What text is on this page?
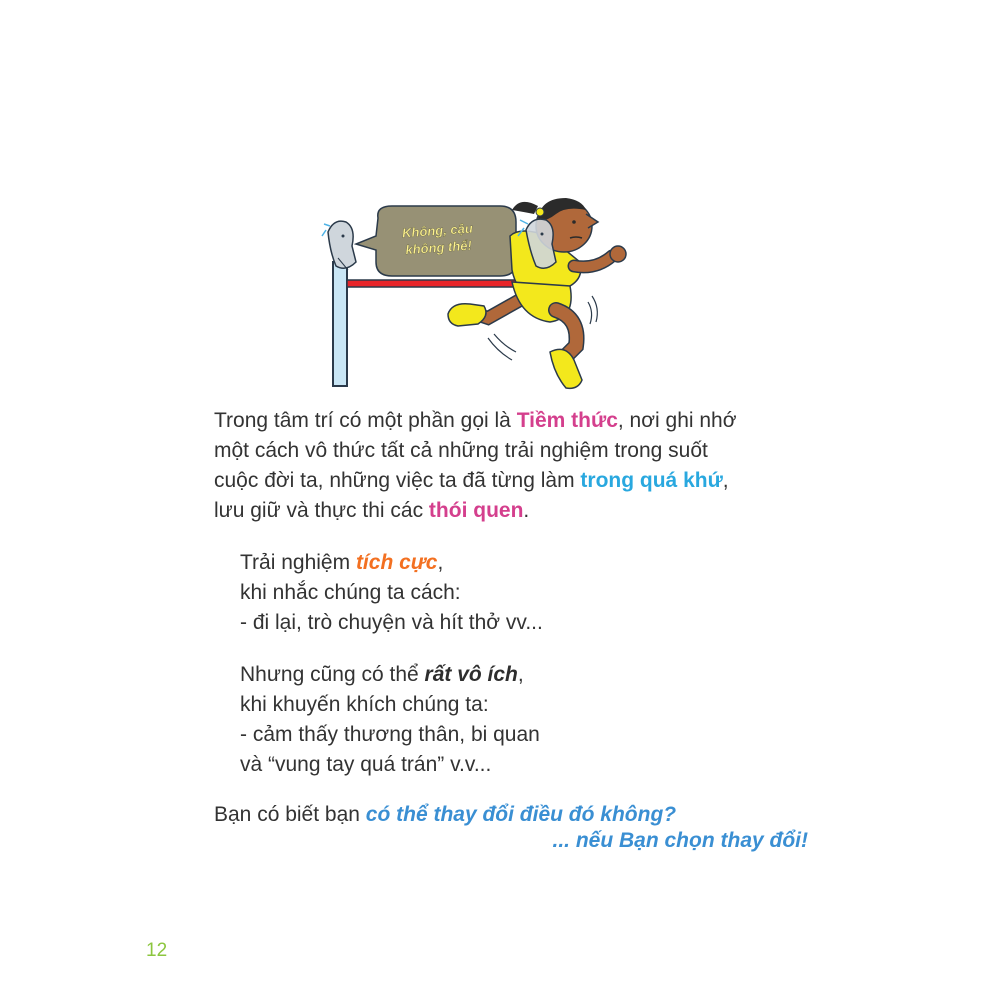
Không, cậu
không thể!
Trong tâm trí có một phần gọi là Tiềm thức, nơi ghi nhớ
một cách vô thức tất cả những trải nghiệm trong suốt
cuộc đời ta, những việc ta đã từng làm trong quá khứ,
lưu giữ và thực thi các thói quen.
Trải nghiệm tích cực,
khi nhắc chúng ta cách:
- đi lại, trò chuyện và hít thở vv...
Nhưng cũng có thể rất vô ích,
khi khuyến khích chúng ta:
- cảm thấy thương thân, bi quan
và “vung tay quá trán” v.v...
Bạn có biết bạn có thể thay đổi điều đó không?
... nếu Bạn chọn thay đổi!
12
